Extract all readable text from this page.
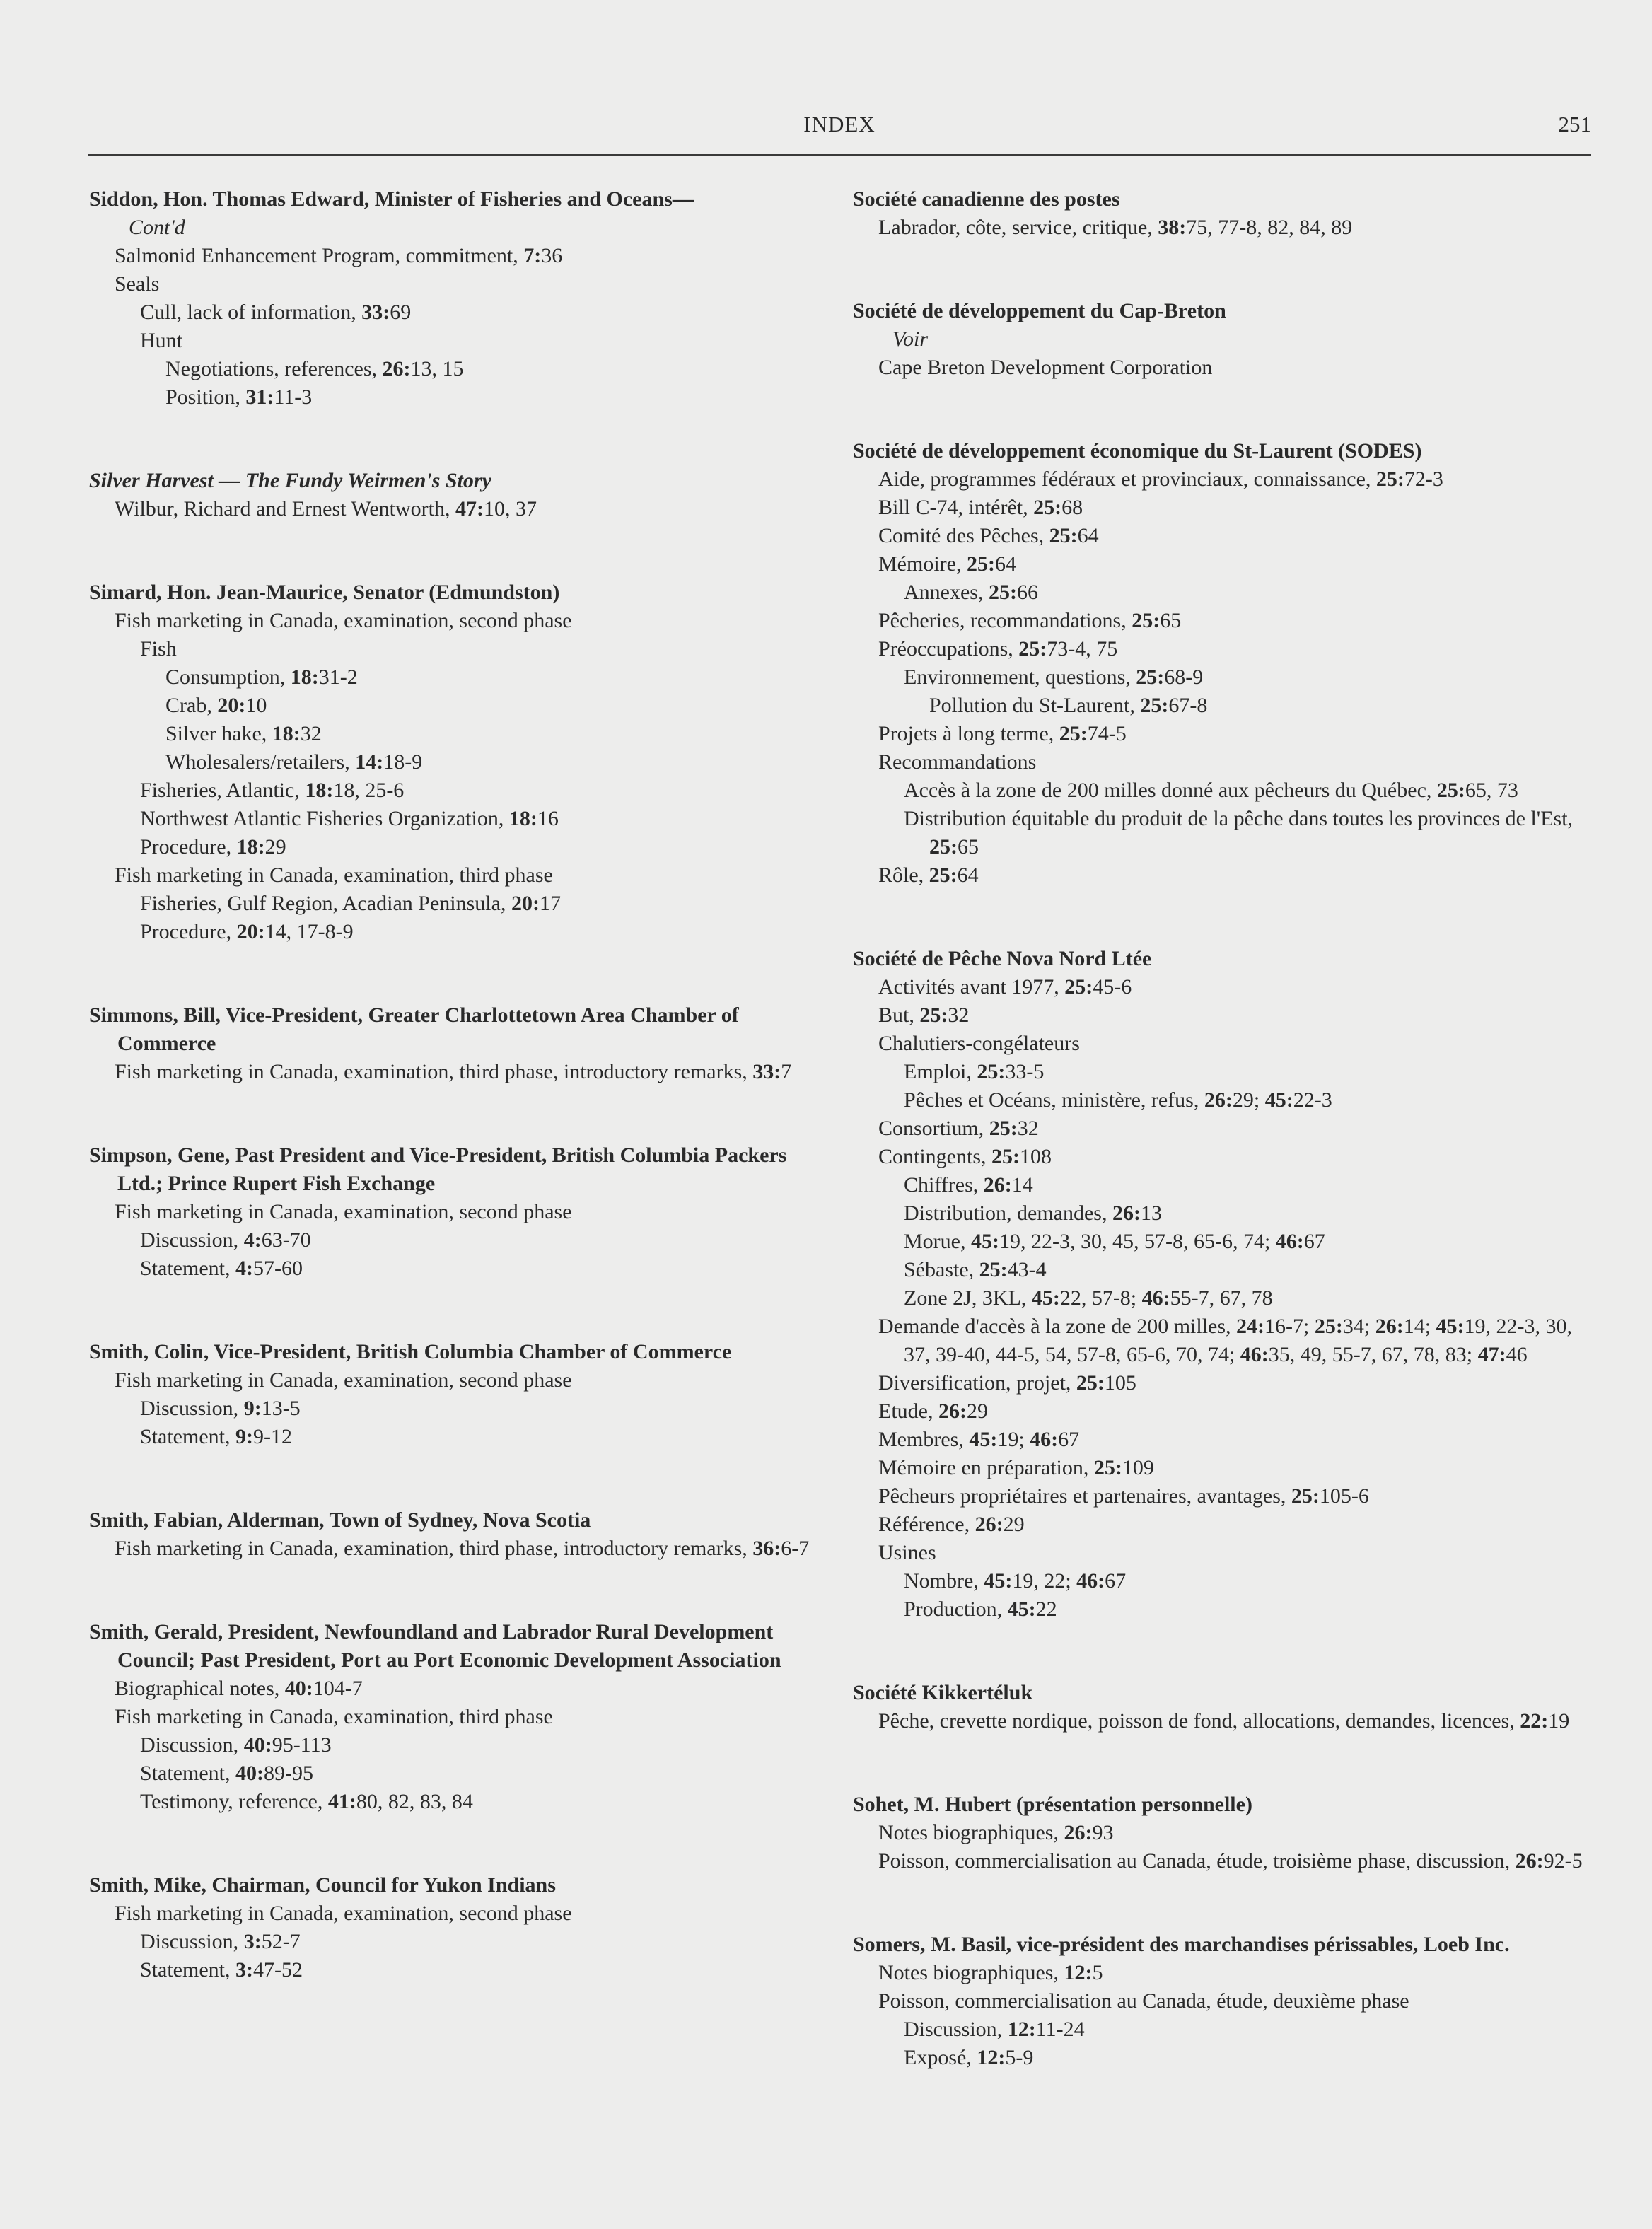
INDEX	251
Siddon, Hon. Thomas Edward, Minister of Fisheries and Oceans—
Cont'd
Salmonid Enhancement Program, commitment, 7:36
Seals
Cull, lack of information, 33:69
Hunt
Negotiations, references, 26:13, 15
Position, 31:11-3
Silver Harvest — The Fundy Weirmen's Story
Wilbur, Richard and Ernest Wentworth, 47:10, 37
Simard, Hon. Jean-Maurice, Senator (Edmundston)
Fish marketing in Canada, examination, second phase
Fish
Consumption, 18:31-2
Crab, 20:10
Silver hake, 18:32
Wholesalers/retailers, 14:18-9
Fisheries, Atlantic, 18:18, 25-6
Northwest Atlantic Fisheries Organization, 18:16
Procedure, 18:29
Fish marketing in Canada, examination, third phase
Fisheries, Gulf Region, Acadian Peninsula, 20:17
Procedure, 20:14, 17-8-9
Simmons, Bill, Vice-President, Greater Charlottetown Area Chamber of Commerce
Fish marketing in Canada, examination, third phase, introductory remarks, 33:7
Simpson, Gene, Past President and Vice-President, British Columbia Packers Ltd.; Prince Rupert Fish Exchange
Fish marketing in Canada, examination, second phase
Discussion, 4:63-70
Statement, 4:57-60
Smith, Colin, Vice-President, British Columbia Chamber of Commerce
Fish marketing in Canada, examination, second phase
Discussion, 9:13-5
Statement, 9:9-12
Smith, Fabian, Alderman, Town of Sydney, Nova Scotia
Fish marketing in Canada, examination, third phase, introductory remarks, 36:6-7
Smith, Gerald, President, Newfoundland and Labrador Rural Development Council; Past President, Port au Port Economic Development Association
Biographical notes, 40:104-7
Fish marketing in Canada, examination, third phase
Discussion, 40:95-113
Statement, 40:89-95
Testimony, reference, 41:80, 82, 83, 84
Smith, Mike, Chairman, Council for Yukon Indians
Fish marketing in Canada, examination, second phase
Discussion, 3:52-7
Statement, 3:47-52
Société canadienne des postes
Labrador, côte, service, critique, 38:75, 77-8, 82, 84, 89
Société de développement du Cap-Breton
Voir
Cape Breton Development Corporation
Société de développement économique du St-Laurent (SODES)
Aide, programmes fédéraux et provinciaux, connaissance, 25:72-3
Bill C-74, intérêt, 25:68
Comité des Pêches, 25:64
Mémoire, 25:64
Annexes, 25:66
Pêcheries, recommandations, 25:65
Préoccupations, 25:73-4, 75
Environnement, questions, 25:68-9
Pollution du St-Laurent, 25:67-8
Projets à long terme, 25:74-5
Recommandations
Accès à la zone de 200 milles donné aux pêcheurs du Québec, 25:65, 73
Distribution équitable du produit de la pêche dans toutes les provinces de l'Est, 25:65
Rôle, 25:64
Société de Pêche Nova Nord Ltée
Activités avant 1977, 25:45-6
But, 25:32
Chalutiers-congélateurs
Emploi, 25:33-5
Pêches et Océans, ministère, refus, 26:29; 45:22-3
Consortium, 25:32
Contingents, 25:108
Chiffres, 26:14
Distribution, demandes, 26:13
Morue, 45:19, 22-3, 30, 45, 57-8, 65-6, 74; 46:67
Sébaste, 25:43-4
Zone 2J, 3KL, 45:22, 57-8; 46:55-7, 67, 78
Demande d'accès à la zone de 200 milles, 24:16-7; 25:34; 26:14; 45:19, 22-3, 30, 37, 39-40, 44-5, 54, 57-8, 65-6, 70, 74; 46:35, 49, 55-7, 67, 78, 83; 47:46
Diversification, projet, 25:105
Etude, 26:29
Membres, 45:19; 46:67
Mémoire en préparation, 25:109
Pêcheurs propriétaires et partenaires, avantages, 25:105-6
Référence, 26:29
Usines
Nombre, 45:19, 22; 46:67
Production, 45:22
Société Kikkertéluk
Pêche, crevette nordique, poisson de fond, allocations, demandes, licences, 22:19
Sohet, M. Hubert (présentation personnelle)
Notes biographiques, 26:93
Poisson, commercialisation au Canada, étude, troisième phase, discussion, 26:92-5
Somers, M. Basil, vice-président des marchandises périssables, Loeb Inc.
Notes biographiques, 12:5
Poisson, commercialisation au Canada, étude, deuxième phase
Discussion, 12:11-24
Exposé, 12:5-9
